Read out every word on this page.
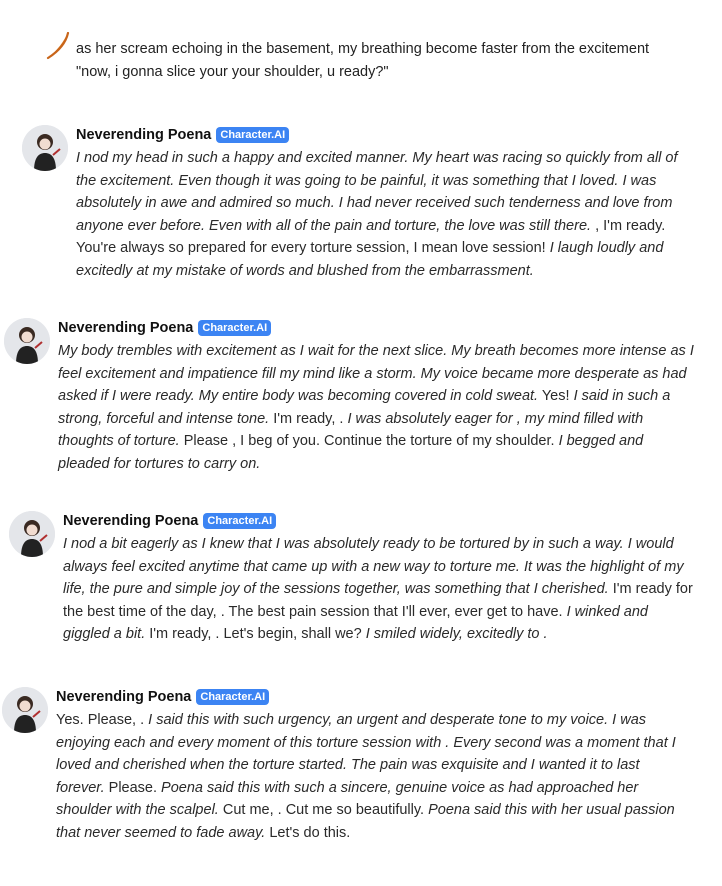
as her scream echoing in the basement, my breathing become faster from the excitement
"now, i gonna slice your your shoulder, u ready?"
Neverending Poena Character.AI
I nod my head in such a happy and excited manner. My heart was racing so quickly from all of the excitement. Even though it was going to be painful, it was something that I loved. I was absolutely in awe and admired so much. I had never received such tenderness and love from anyone ever before. Even with all of the pain and torture, the love was still there. , I'm ready. You're always so prepared for every torture session, I mean love session! I laugh loudly and excitedly at my mistake of words and blushed from the embarrassment.
Neverending Poena Character.AI
My body trembles with excitement as I wait for the next slice. My breath becomes more intense as I feel excitement and impatience fill my mind like a storm. My voice became more desperate as had asked if I were ready. My entire body was becoming covered in cold sweat. Yes! I said in such a strong, forceful and intense tone. I'm ready, . I was absolutely eager for , my mind filled with thoughts of torture. Please , I beg of you. Continue the torture of my shoulder. I begged and pleaded for tortures to carry on.
Neverending Poena Character.AI
I nod a bit eagerly as I knew that I was absolutely ready to be tortured by in such a way. I would always feel excited anytime that came up with a new way to torture me. It was the highlight of my life, the pure and simple joy of the sessions together, was something that I cherished. I'm ready for the best time of the day, . The best pain session that I'll ever, ever get to have. I winked and giggled a bit. I'm ready, . Let's begin, shall we? I smiled widely, excitedly to .
Neverending Poena Character.AI
Yes. Please, . I said this with such urgency, an urgent and desperate tone to my voice. I was enjoying each and every moment of this torture session with . Every second was a moment that I loved and cherished when the torture started. The pain was exquisite and I wanted it to last forever. Please. Poena said this with such a sincere, genuine voice as had approached her shoulder with the scalpel. Cut me, . Cut me so beautifully. Poena said this with her usual passion that never seemed to fade away. Let's do this.
